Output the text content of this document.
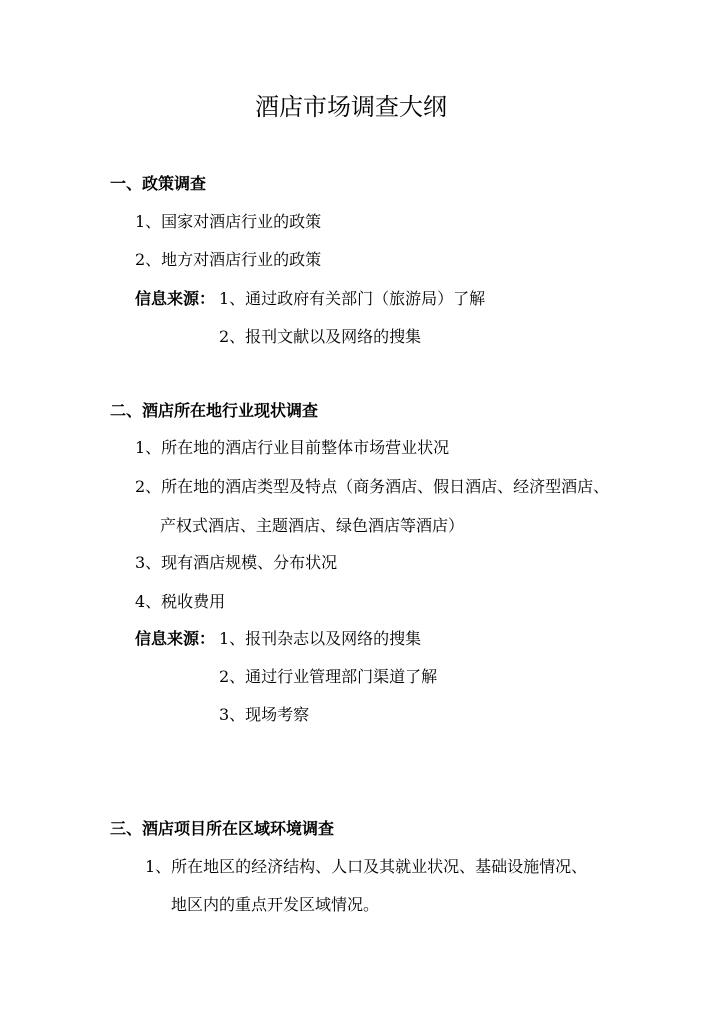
酒店市场调查大纲
一、政策调查
1、国家对酒店行业的政策
2、地方对酒店行业的政策
信息来源： 1、通过政府有关部门（旅游局）了解
2、报刊文献以及网络的搜集
二、酒店所在地行业现状调查
1、所在地的酒店行业目前整体市场营业状况
2、所在地的酒店类型及特点（商务酒店、假日酒店、经济型酒店、
产权式酒店、主题酒店、绿色酒店等酒店）
3、现有酒店规模、分布状况
4、税收费用
信息来源： 1、报刊杂志以及网络的搜集
2、通过行业管理部门渠道了解
3、现场考察
三、酒店项目所在区域环境调查
1、所在地区的经济结构、人口及其就业状况、基础设施情况、
地区内的重点开发区域情况。
